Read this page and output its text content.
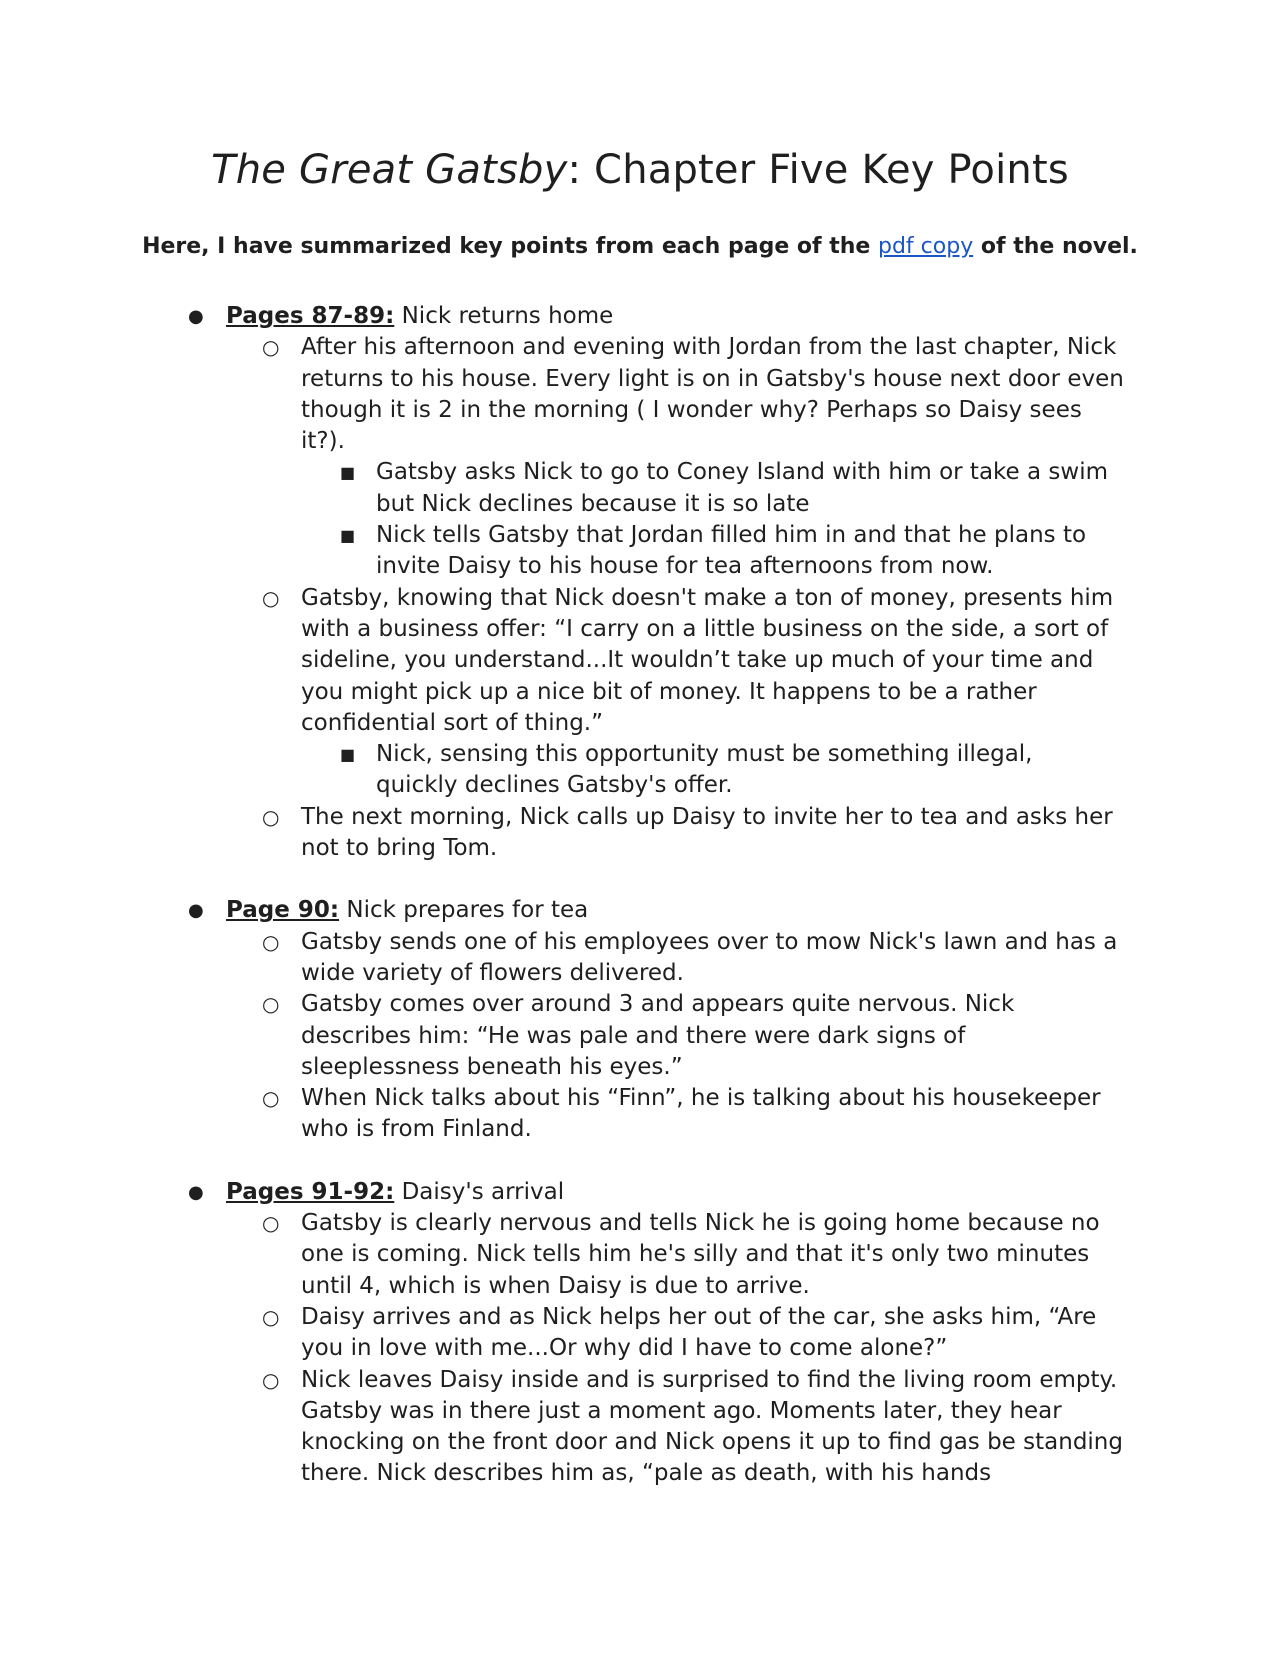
The Great Gatsby: Chapter Five Key Points

Here, I have summarized key points from each page of the pdf copy of the novel.

● Pages 87-89: Nick returns home
○ After his afternoon and evening with Jordan from the last chapter, Nick returns to his house. Every light is on in Gatsby's house next door even though it is 2 in the morning ( I wonder why? Perhaps so Daisy sees it?).
■ Gatsby asks Nick to go to Coney Island with him or take a swim but Nick declines because it is so late
■ Nick tells Gatsby that Jordan filled him in and that he plans to invite Daisy to his house for tea afternoons from now.
○ Gatsby, knowing that Nick doesn't make a ton of money, presents him with a business offer: “I carry on a little business on the side, a sort of sideline, you understand...It wouldn’t take up much of your time and you might pick up a nice bit of money. It happens to be a rather confidential sort of thing.”
■ Nick, sensing this opportunity must be something illegal, quickly declines Gatsby's offer.
○ The next morning, Nick calls up Daisy to invite her to tea and asks her not to bring Tom.
● Page 90: Nick prepares for tea
○ Gatsby sends one of his employees over to mow Nick's lawn and has a wide variety of flowers delivered.
○ Gatsby comes over around 3 and appears quite nervous. Nick describes him: “He was pale and there were dark signs of sleeplessness beneath his eyes.”
○ When Nick talks about his “Finn”, he is talking about his housekeeper who is from Finland.
● Pages 91-92: Daisy's arrival
○ Gatsby is clearly nervous and tells Nick he is going home because no one is coming. Nick tells him he's silly and that it's only two minutes until 4, which is when Daisy is due to arrive.
○ Daisy arrives and as Nick helps her out of the car, she asks him, “Are you in love with me...Or why did I have to come alone?”
○ Nick leaves Daisy inside and is surprised to find the living room empty. Gatsby was in there just a moment ago. Moments later, they hear knocking on the front door and Nick opens it up to find gas be standing there. Nick describes him as, “pale as death, with his hands
